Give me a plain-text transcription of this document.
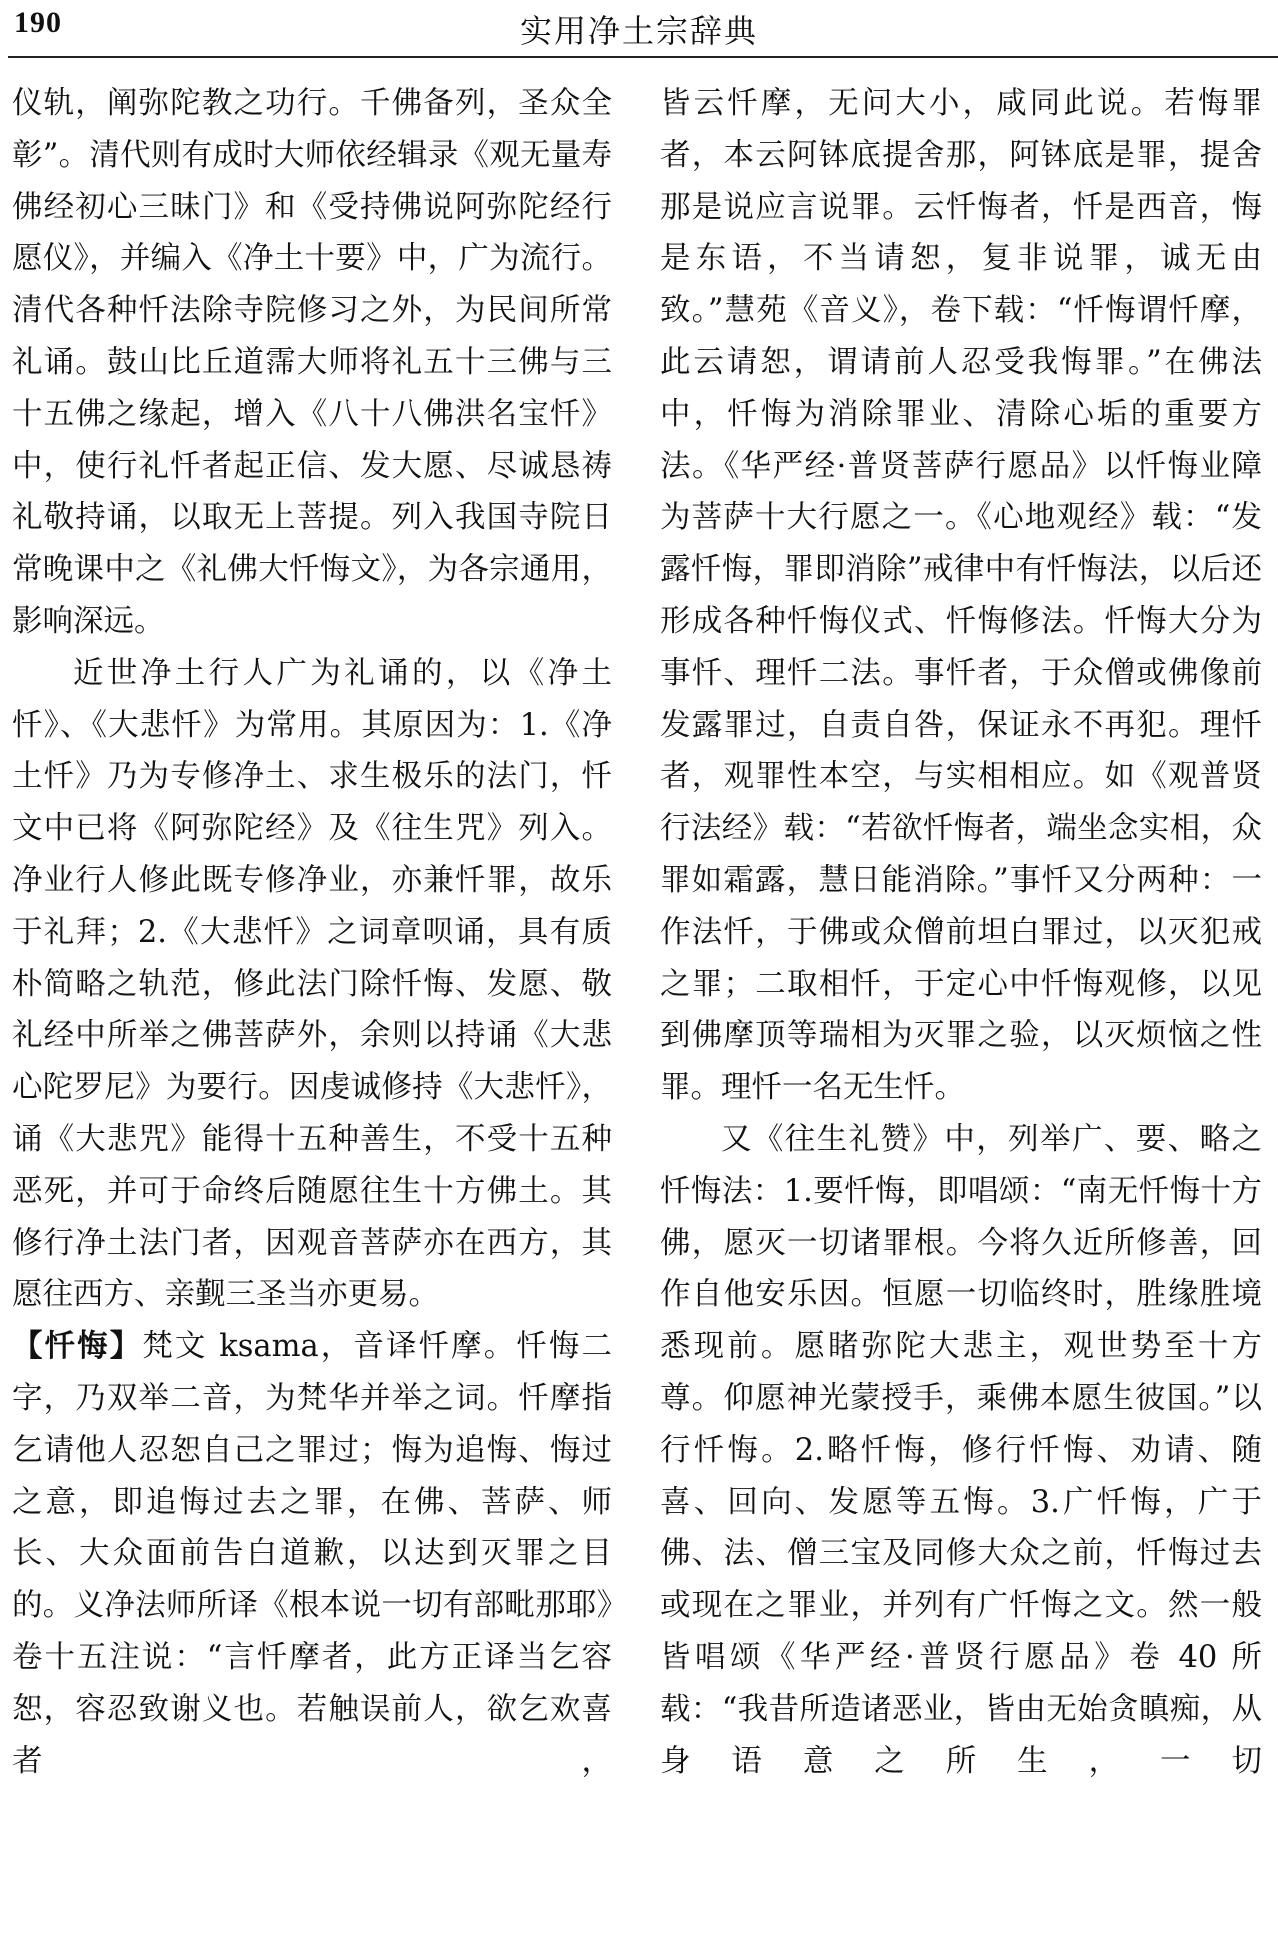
190	实用净土宗辞典

仪轨，阐弥陀教之功行。千佛备列，圣众全彰”。清代则有成时大师依经辑录《观无量寿佛经初心三昧门》和《受持佛说阿弥陀经行愿仪》，并编入《净土十要》中，广为流行。清代各种忏法除寺院修习之外，为民间所常礼诵。鼓山比丘道霈大师将礼五十三佛与三十五佛之缘起，增入《八十八佛洪名宝忏》中，使行礼忏者起正信、发大愿、尽诚恳祷礼敬持诵，以取无上菩提。列入我国寺院日常晚课中之《礼佛大忏悔文》，为各宗通用，影响深远。

近世净土行人广为礼诵的，以《净土忏》、《大悲忏》为常用。其原因为：1.《净土忏》乃为专修净土、求生极乐的法门，忏文中已将《阿弥陀经》及《往生咒》列入。净业行人修此既专修净业，亦兼忏罪，故乐于礼拜；2.《大悲忏》之词章呗诵，具有质朴简略之轨范，修此法门除忏悔、发愿、敬礼经中所举之佛菩萨外，余则以持诵《大悲心陀罗尼》为要行。因虔诚修持《大悲忏》，诵《大悲咒》能得十五种善生，不受十五种恶死，并可于命终后随愿往生十方佛土。其修行净土法门者，因观音菩萨亦在西方，其愿往西方、亲觐三圣当亦更易。

【忏悔】梵文 ksama，音译忏摩。忏悔二字，乃双举二音，为梵华并举之词。忏摩指乞请他人忍恕自己之罪过；悔为追悔、悔过之意，即追悔过去之罪，在佛、菩萨、师长、大众面前告白道歉，以达到灭罪之目的。义净法师所译《根本说一切有部毗那耶》卷十五注说：“言忏摩者，此方正译当乞容恕，容忍致谢义也。若触误前人，欲乞欢喜者，

皆云忏摩，无问大小，咸同此说。若悔罪者，本云阿钵底提舍那，阿钵底是罪，提舍那是说应言说罪。云忏悔者，忏是西音，悔是东语，不当请恕，复非说罪，诚无由致。”慧苑《音义》，卷下载：“忏悔谓忏摩，此云请恕，谓请前人忍受我悔罪。”在佛法中，忏悔为消除罪业、清除心垢的重要方法。《华严经·普贤菩萨行愿品》以忏悔业障为菩萨十大行愿之一。《心地观经》载：“发露忏悔，罪即消除”戒律中有忏悔法，以后还形成各种忏悔仪式、忏悔修法。忏悔大分为事忏、理忏二法。事忏者，于众僧或佛像前发露罪过，自责自咎，保证永不再犯。理忏者，观罪性本空，与实相相应。如《观普贤行法经》载：“若欲忏悔者，端坐念实相，众罪如霜露，慧日能消除。”事忏又分两种：一作法忏，于佛或众僧前坦白罪过，以灭犯戒之罪；二取相忏，于定心中忏悔观修，以见到佛摩顶等瑞相为灭罪之验，以灭烦恼之性罪。理忏一名无生忏。

又《往生礼赞》中，列举广、要、略之忏悔法：1.要忏悔，即唱颂：“南无忏悔十方佛，愿灭一切诸罪根。今将久近所修善，回作自他安乐因。恒愿一切临终时，胜缘胜境悉现前。愿睹弥陀大悲主，观世势至十方尊。仰愿神光蒙授手，乘佛本愿生彼国。”以行忏悔。2.略忏悔，修行忏悔、劝请、随喜、回向、发愿等五悔。3.广忏悔，广于佛、法、僧三宝及同修大众之前，忏悔过去或现在之罪业，并列有广忏悔之文。然一般皆唱颂《华严经·普贤行愿品》卷 40 所载：“我昔所造诸恶业，皆由无始贪瞋痴，从身语意之所生，一切
